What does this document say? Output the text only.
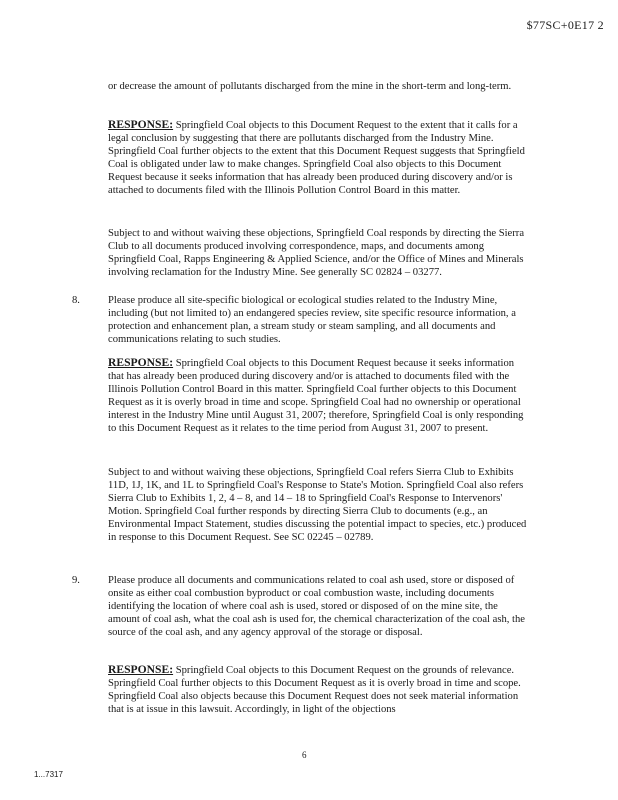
$77SC+0E17 2

or decrease the amount of pollutants discharged from the mine in the short-term and long-term.

RESPONSE: Springfield Coal objects to this Document Request to the extent that it calls for a legal conclusion by suggesting that there are pollutants discharged from the Industry Mine. Springfield Coal further objects to the extent that this Document Request suggests that Springfield Coal is obligated under law to make changes. Springfield Coal also objects to this Document Request because it seeks information that has already been produced during discovery and/or is attached to documents filed with the Illinois Pollution Control Board in this matter.

Subject to and without waiving these objections, Springfield Coal responds by directing the Sierra Club to all documents produced involving correspondence, maps, and documents among Springfield Coal, Rapps Engineering & Applied Science, and/or the Office of Mines and Minerals involving reclamation for the Industry Mine. See generally SC 02824 – 03277.

8.	Please produce all site-specific biological or ecological studies related to the Industry Mine, including (but not limited to) an endangered species review, site specific resource information, a protection and enhancement plan, a stream study or steam sampling, and all documents and communications relating to such studies.

RESPONSE: Springfield Coal objects to this Document Request because it seeks information that has already been produced during discovery and/or is attached to documents filed with the Illinois Pollution Control Board in this matter. Springfield Coal further objects to this Document Request as it is overly broad in time and scope. Springfield Coal had no ownership or operational interest in the Industry Mine until August 31, 2007; therefore, Springfield Coal is only responding to this Document Request as it relates to the time period from August 31, 2007 to present.

Subject to and without waiving these objections, Springfield Coal refers Sierra Club to Exhibits 11D, 1J, 1K, and 1L to Springfield Coal's Response to State's Motion. Springfield Coal also refers Sierra Club to Exhibits 1, 2, 4 – 8, and 14 – 18 to Springfield Coal's Response to Intervenors' Motion. Springfield Coal further responds by directing Sierra Club to documents (e.g., an Environmental Impact Statement, studies discussing the potential impact to species, etc.) produced in response to this Document Request. See SC 02245 – 02789.

9.	Please produce all documents and communications related to coal ash used, store or disposed of onsite as either coal combustion byproduct or coal combustion waste, including documents identifying the location of where coal ash is used, stored or disposed of on the mine site, the amount of coal ash, what the coal ash is used for, the chemical characterization of the coal ash, the source of the coal ash, and any agency approval of the storage or disposal.

RESPONSE: Springfield Coal objects to this Document Request on the grounds of relevance. Springfield Coal further objects to this Document Request as it is overly broad in time and scope. Springfield Coal also objects because this Document Request does not seek material information that is at issue in this lawsuit. Accordingly, in light of the objections

6
1...7317
